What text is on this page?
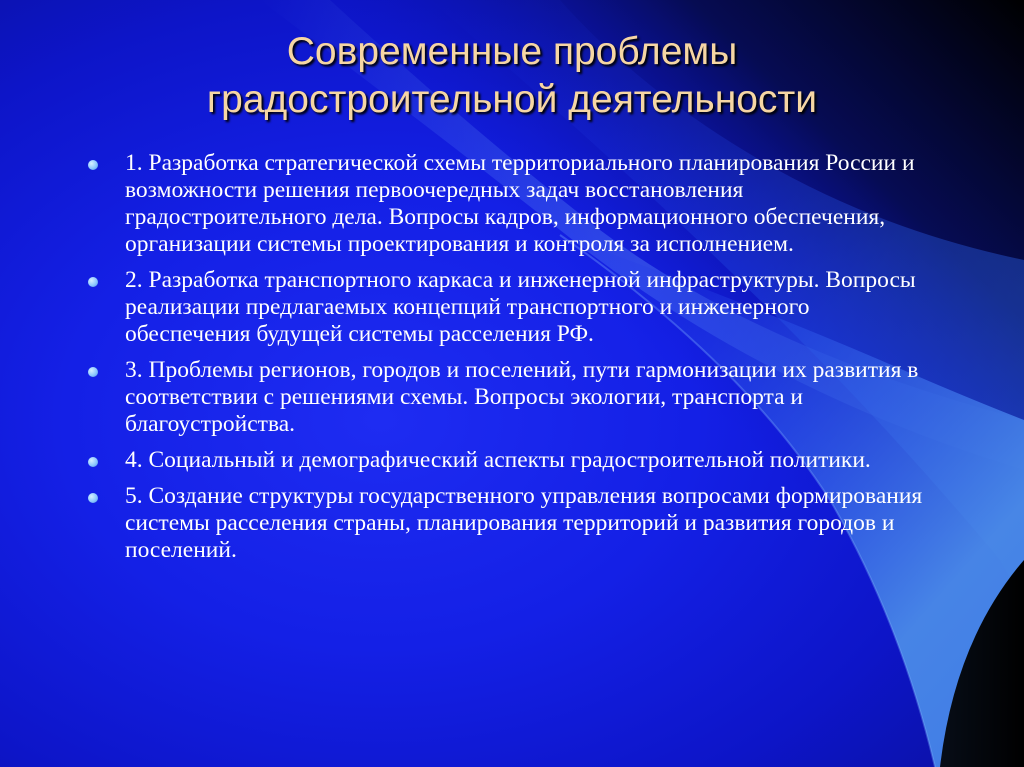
Современные проблемы
градостроительной деятельности
1. Разработка стратегической схемы территориального планирования России и возможности решения первоочередных задач восстановления градостроительного дела. Вопросы кадров, информационного обеспечения, организации системы проектирования и контроля за исполнением.
2. Разработка транспортного каркаса и инженерной инфраструктуры. Вопросы реализации предлагаемых концепций транспортного и инженерного обеспечения будущей системы расселения РФ.
3. Проблемы регионов, городов и поселений, пути гармонизации их развития в соответствии с решениями схемы. Вопросы экологии, транспорта и благоустройства.
4. Социальный и демографический аспекты градостроительной политики.
5. Создание структуры государственного управления вопросами формирования системы расселения страны, планирования территорий и развития городов и поселений.
